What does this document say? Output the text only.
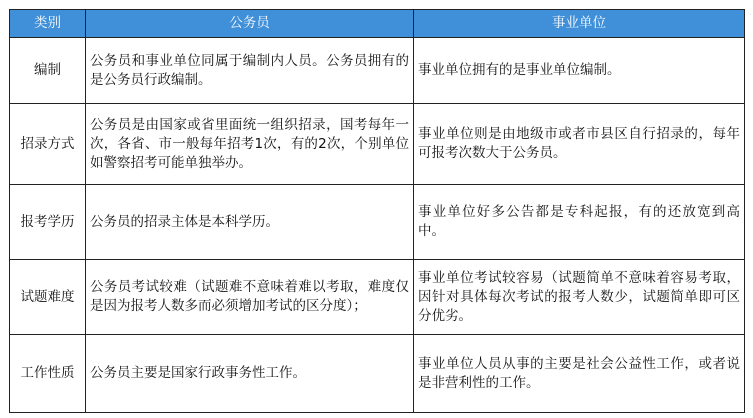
类别	公务员	事业单位
编制	公务员和事业单位同属于编制内人员。公务员拥有的是公务员行政编制。	事业单位拥有的是事业单位编制。
招录方式	公务员是由国家或省里面统一组织招录，国考每年一次，各省、市一般每年招考1次，有的2次，个别单位如警察招考可能单独举办。	事业单位则是由地级市或者市县区自行招录的，每年可报考次数大于公务员。
报考学历	公务员的招录主体是本科学历。	事业单位好多公告都是专科起报，有的还放宽到高中。
试题难度	公务员考试较难（试题难不意味着难以考取，难度仅是因为报考人数多而必须增加考试的区分度）；	事业单位考试较容易（试题简单不意味着容易考取，因针对具体每次考试的报考人数少，试题简单即可区分优劣。
工作性质	公务员主要是国家行政事务性工作。	事业单位人员从事的主要是社会公益性工作，或者说是非营利性的工作。
